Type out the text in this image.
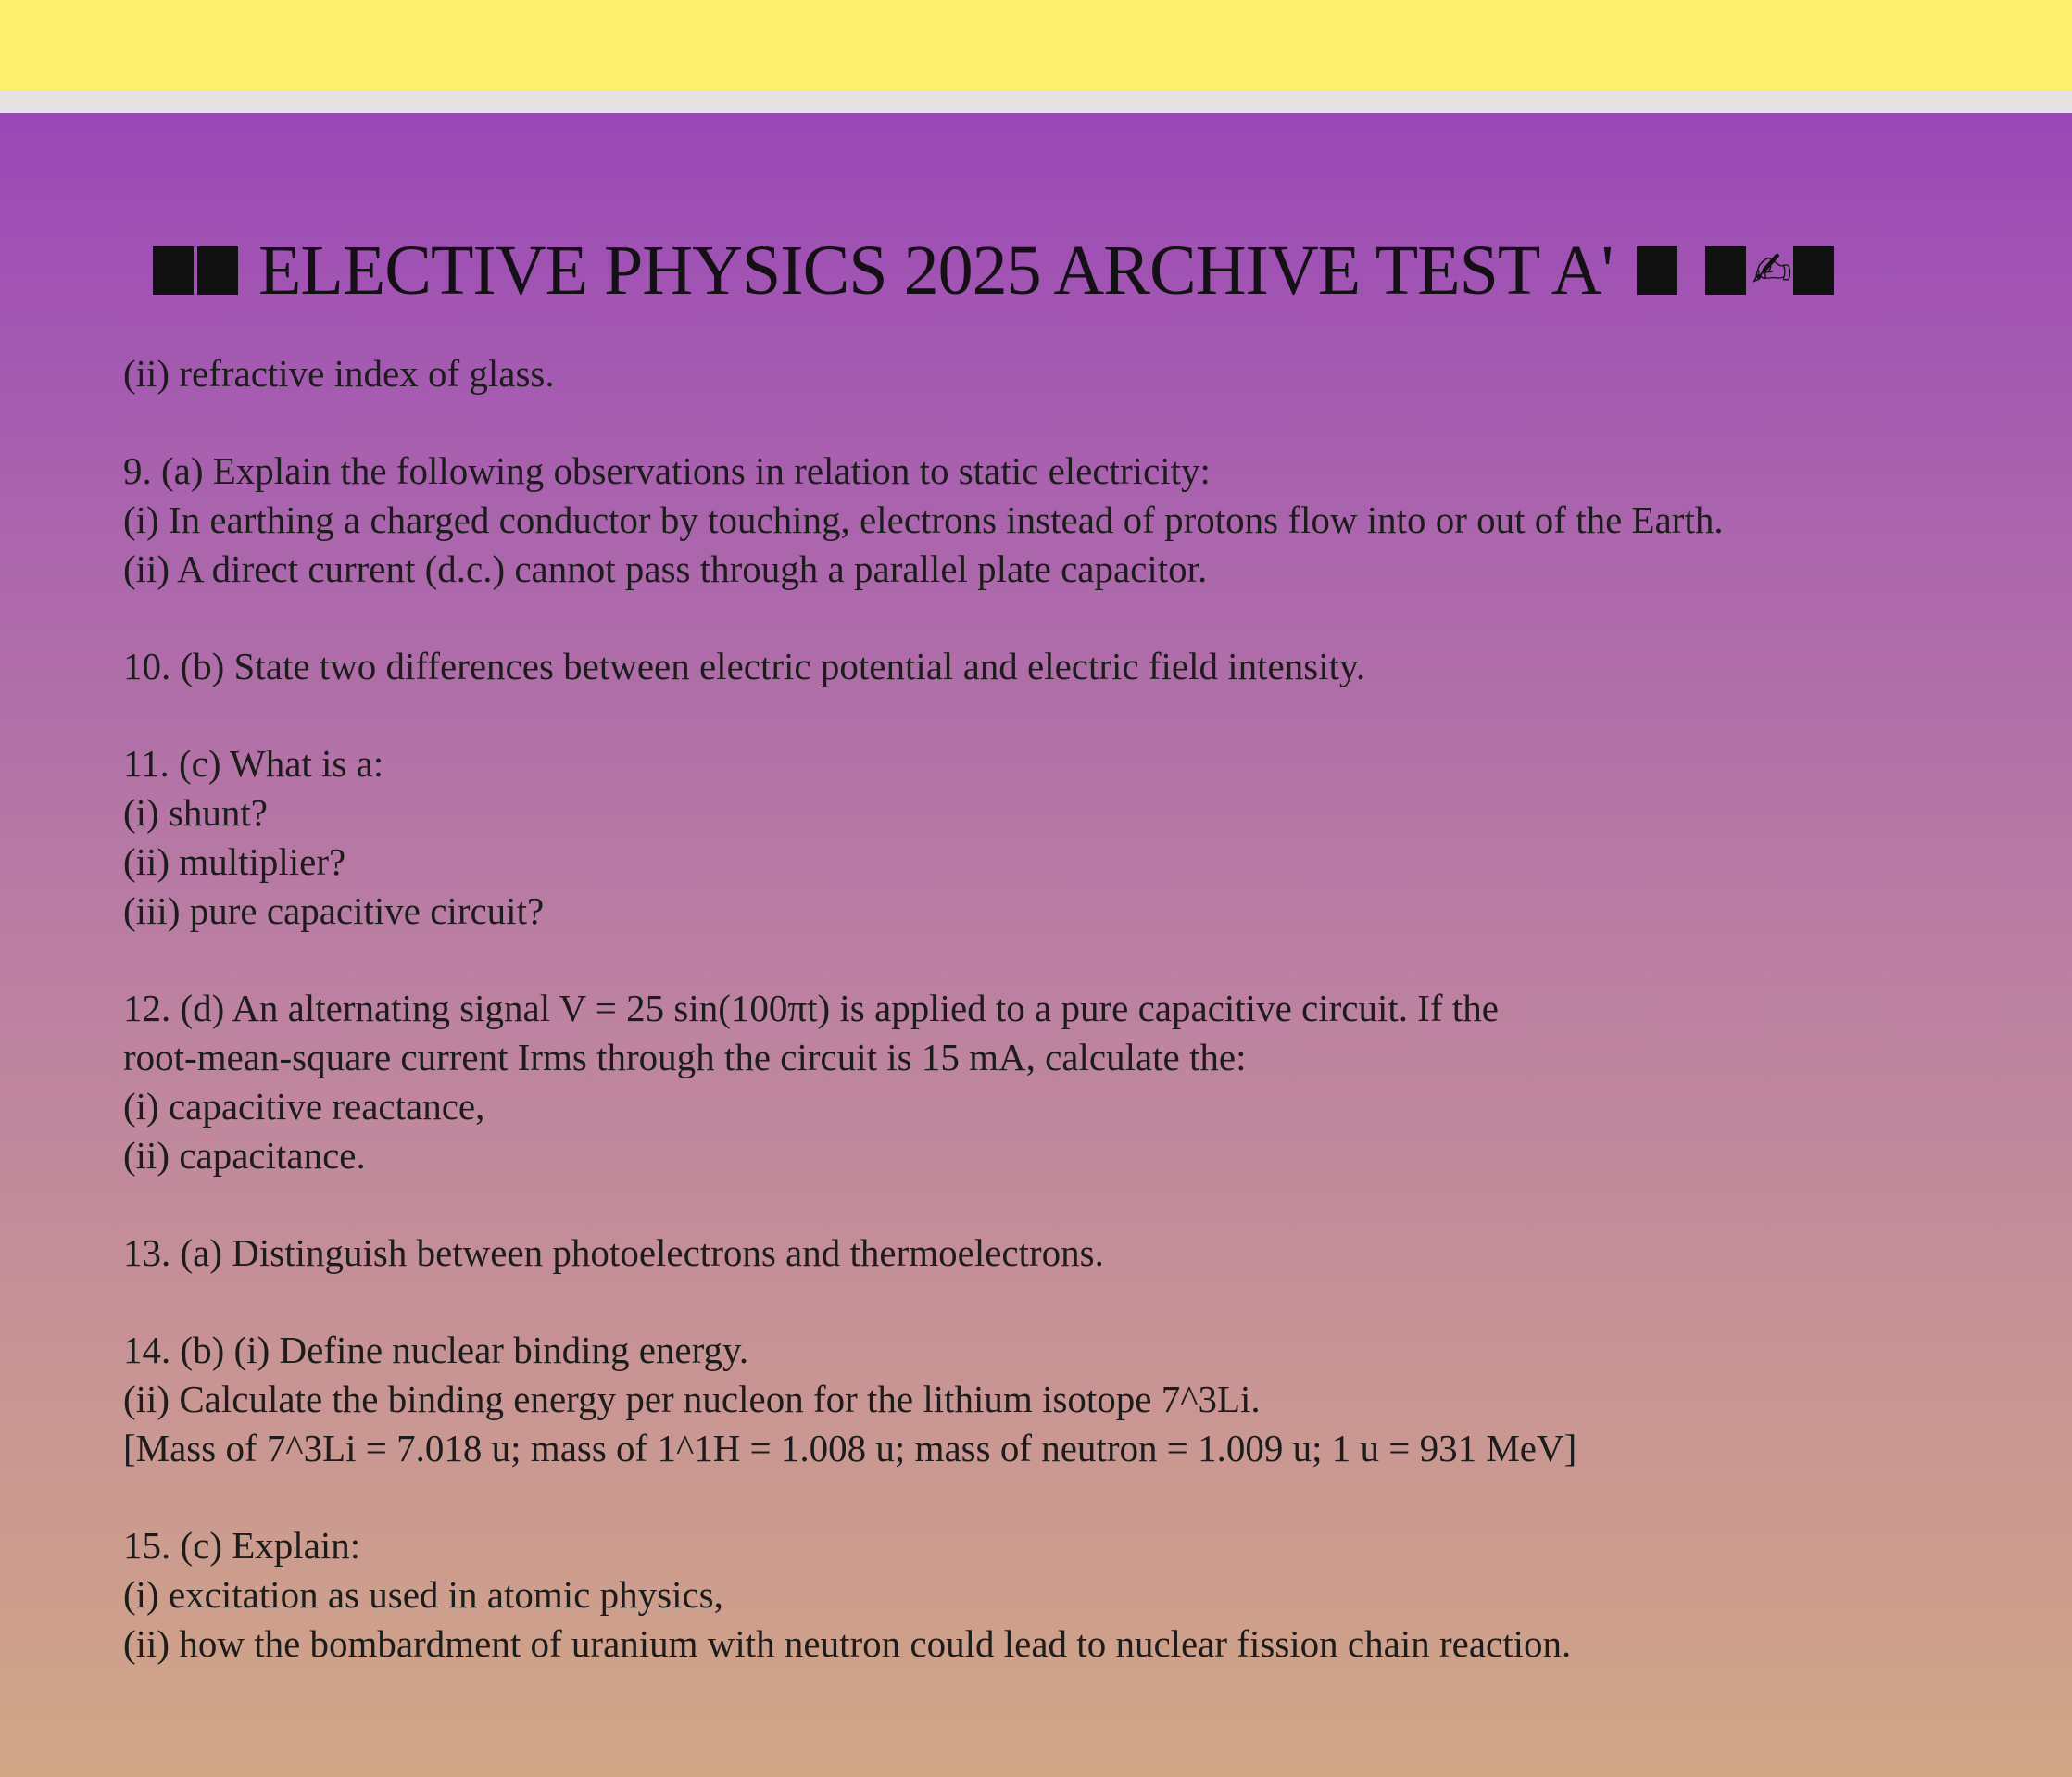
ELECTIVE PHYSICS 2025 ARCHIVE TEST A'	✍
(ii) refractive index of glass.
9. (a) Explain the following observations in relation to static electricity:
(i) In earthing a charged conductor by touching, electrons instead of protons flow into or out of the Earth.
(ii) A direct current (d.c.) cannot pass through a parallel plate capacitor.
10. (b) State two differences between electric potential and electric field intensity.
11. (c) What is a:
(i) shunt?
(ii) multiplier?
(iii) pure capacitive circuit?
12. (d) An alternating signal V = 25 sin(100πt) is applied to a pure capacitive circuit. If the
root-mean-square current Irms through the circuit is 15 mA, calculate the:
(i) capacitive reactance,
(ii) capacitance.
13. (a) Distinguish between photoelectrons and thermoelectrons.
14. (b) (i) Define nuclear binding energy.
(ii) Calculate the binding energy per nucleon for the lithium isotope 7^3Li.
[Mass of 7^3Li = 7.018 u; mass of 1^1H = 1.008 u; mass of neutron = 1.009 u; 1 u = 931 MeV]
15. (c) Explain:
(i) excitation as used in atomic physics,
(ii) how the bombardment of uranium with neutron could lead to nuclear fission chain reaction.
